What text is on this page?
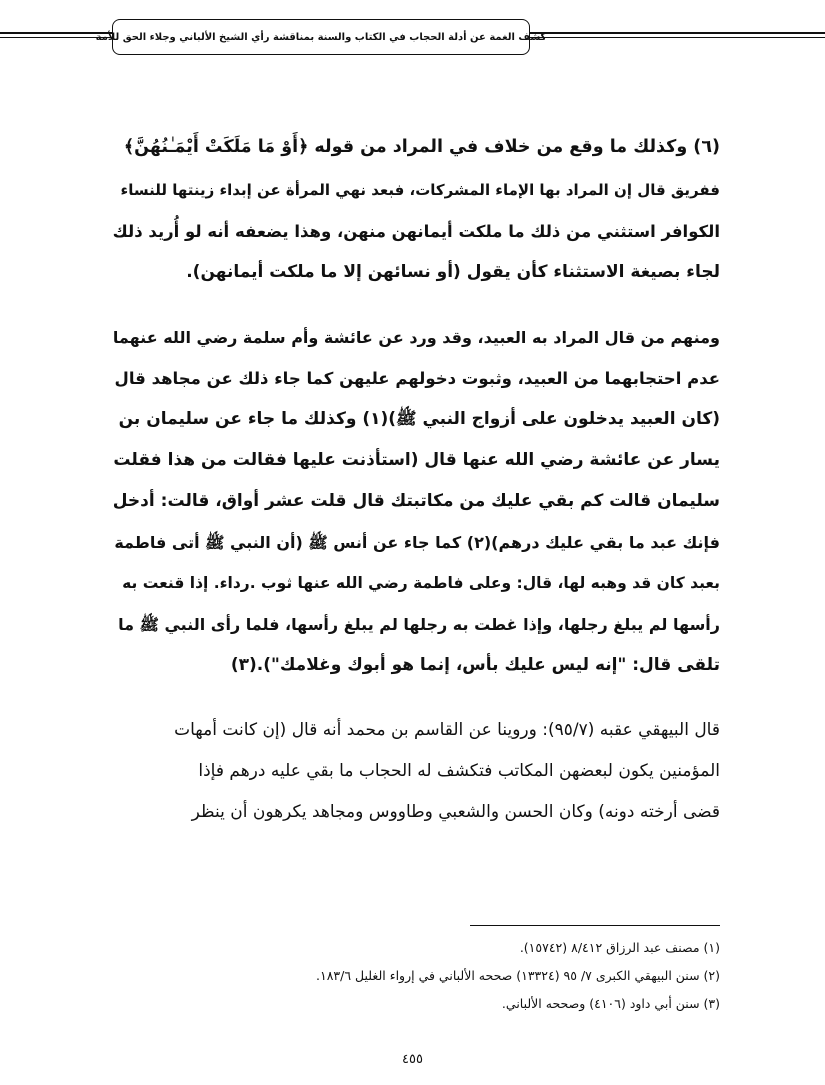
كشف الغمة عن أدلة الحجاب في الكتاب والسنة بمناقشة رأي الشيخ الألباني وجلاء الحق للأمة
(٦) وكذلك ما وقع من خلاف في المراد من قوله ﴿أَوْ مَا مَلَكَتْ أَيْمَـٰنُهُنَّ﴾
ففريق قال إن المراد بها الإماء المشركات، فبعد نهي المرأة عن إبداء زينتها للنساء
الكوافر استثني من ذلك ما ملكت أيمانهن منهن، وهذا يضعفه أنه لو أُريد ذلك
لجاء بصيغة الاستثناء كأن يقول (أو نسائهن إلا ما ملكت أيمانهن).
ومنهم من قال المراد به العبيد، وقد ورد عن عائشة وأم سلمة رضي الله عنهما
عدم احتجابهما من العبيد، وثبوت دخولهم عليهن كما جاء ذلك عن مجاهد قال
(كان العبيد يدخلون على أزواج النبي ﷺ)(١) وكذلك ما جاء عن سليمان بن
يسار عن عائشة رضي الله عنها قال (استأذنت عليها فقالت من هذا فقلت
سليمان قالت كم بقي عليك من مكاتبتك قال قلت عشر أواق، قالت: أدخل
فإنك عبد ما بقي عليك درهم)(٢) كما جاء عن أنس ﷺ (أن النبي ﷺ أتى فاطمة
بعبد كان قد وهبه لها، قال: وعلى فاطمة رضي الله عنها ثوب .رداء. إذا قنعت به
رأسها لم يبلغ رجلها، وإذا غطت به رجلها لم يبلغ رأسها، فلما رأى النبي ﷺ ما
تلقى قال: "إنه ليس عليك بأس، إنما هو أبوك وغلامك").(٣)
قال البيهقي عقبه (٩٥/٧): وروينا عن القاسم بن محمد أنه قال (إن كانت أمهات
المؤمنين يكون لبعضهن المكاتب فتكشف له الحجاب ما بقي عليه درهم فإذا
قضى أرخته دونه) وكان الحسن والشعبي وطاووس ومجاهد يكرهون أن ينظر
(١) مصنف عبد الرزاق ٨/٤١٢ (١٥٧٤٢).
(٢) سنن البيهقي الكبرى ٧/ ٩٥ (١٣٣٢٤) صححه الألباني في إرواء الغليل ١٨٣/٦.
(٣) سنن أبي داود (٤١٠٦) وصححه الألباني.
٤٥٥
